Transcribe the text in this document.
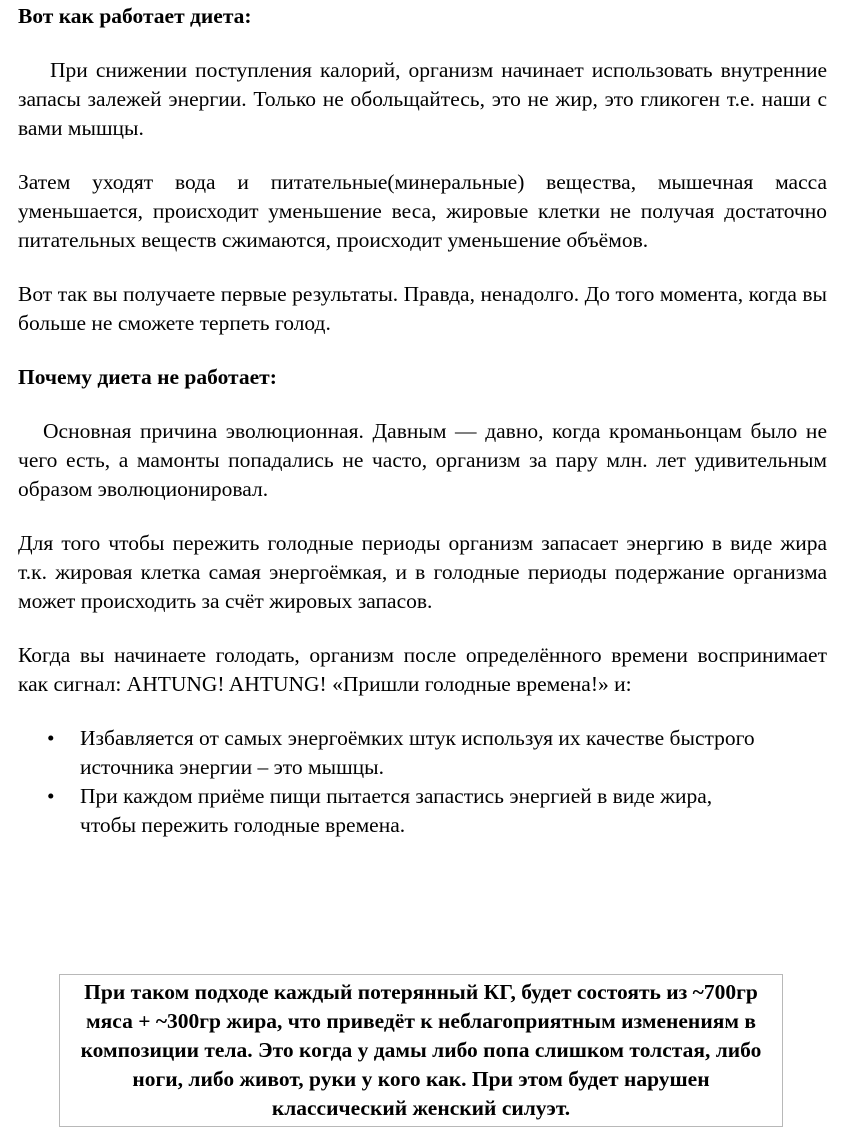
Вот как работает диета:

При снижении поступления калорий, организм начинает использовать внутренние запасы залежей энергии. Только не обольщайтесь, это не жир, это гликоген т.е. наши с вами мышцы.

Затем уходят вода и питательные(минеральные) вещества, мышечная масса уменьшается, происходит уменьшение веса, жировые клетки не получая достаточно питательных веществ сжимаются, происходит уменьшение объёмов.

Вот так вы получаете первые результаты. Правда, ненадолго. До того момента, когда вы больше не сможете терпеть голод.

Почему диета не работает:

Основная причина эволюционная. Давным — давно, когда кроманьонцам было не чего есть, а мамонты попадались не часто, организм за пару млн. лет удивительным образом эволюционировал.

Для того чтобы пережить голодные периоды организм запасает энергию в виде жира т.к. жировая клетка самая энергоёмкая, и в голодные периоды подержание организма может происходить за счёт жировых запасов.

Когда вы начинаете голодать, организм после определённого времени воспринимает как сигнал: AHTUNG! AHTUNG! «Пришли голодные времена!» и:

• Избавляется от самых энергоёмких штук используя их качестве быстрого источника энергии – это мышцы.
• При каждом приёме пищи пытается запастись энергией в виде жира, чтобы пережить голодные времена.
При таком подходе каждый потерянный КГ, будет состоять из ~700гр мяса + ~300гр жира, что приведёт к неблагоприятным изменениям в композиции тела. Это когда у дамы либо попа слишком толстая, либо ноги, либо живот, руки у кого как. При этом будет нарушен классический женский силуэт.
